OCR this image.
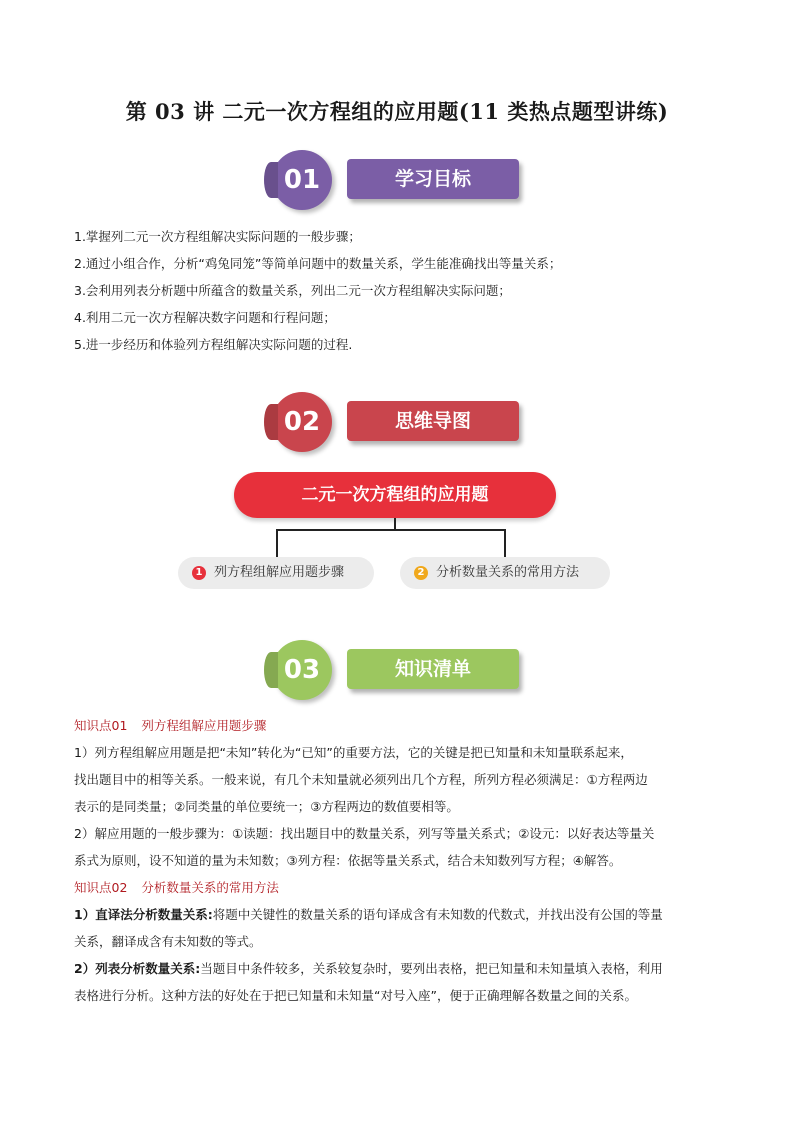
第 03 讲 二元一次方程组的应用题(11 类热点题型讲练)
01	学习目标
1.掌握列二元一次方程组解决实际问题的一般步骤；
2.通过小组合作，分析“鸡兔同笼”等简单问题中的数量关系，学生能准确找出等量关系；
3.会利用列表分析题中所蕴含的数量关系，列出二元一次方程组解决实际问题；
4.利用二元一次方程解决数字问题和行程问题；
5.进一步经历和体验列方程组解决实际问题的过程.
02	思维导图
二元一次方程组的应用题
1 列方程组解应用题步骤	2 分析数量关系的常用方法
03	知识清单
知识点01 列方程组解应用题步骤
1）列方程组解应用题是把“未知”转化为“已知”的重要方法，它的关键是把已知量和未知量联系起来，
找出题目中的相等关系。一般来说，有几个未知量就必须列出几个方程，所列方程必须满足：①方程两边
表示的是同类量；②同类量的单位要统一；③方程两边的数值要相等。
2）解应用题的一般步骤为：①读题：找出题目中的数量关系，列写等量关系式；②设元：以好表达等量关
系式为原则，设不知道的量为未知数；③列方程：依据等量关系式，结合未知数列写方程；④解答。
知识点02 分析数量关系的常用方法
1）直译法分析数量关系:将题中关键性的数量关系的语句译成含有未知数的代数式，并找出没有公国的等量
关系，翻译成含有未知数的等式。
2）列表分析数量关系:当题目中条件较多，关系较复杂时，要列出表格，把已知量和未知量填入表格，利用
表格进行分析。这种方法的好处在于把已知量和未知量“对号入座”，便于正确理解各数量之间的关系。
